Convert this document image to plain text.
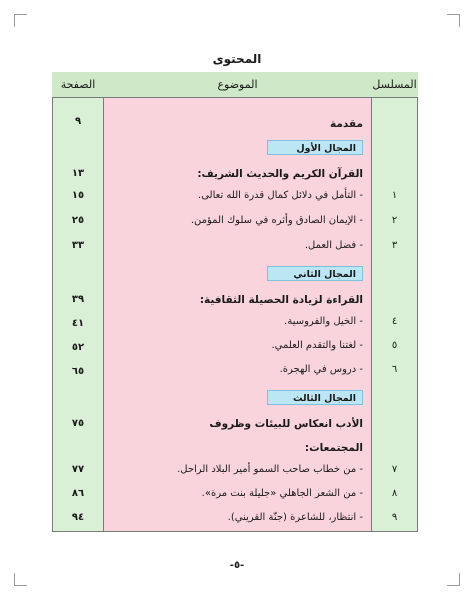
المحتوى
الصفحة	الموضوع	المسلسل
مقدمة
٩
المجال الأول
القرآن الكريم والحديث الشريف:
١٣
١
- التأمل في دلائل كمال قدرة الله تعالى.
١٥
٢
- الإيمان الصادق وأثره في سلوك المؤمن.
٢٥
٣
- فضل العمل.
٣٣
المجال الثاني
القراءة لزيادة الحصيلة الثقافية:
٣٩
٤
- الخيل والفروسية.
٤١
٥
- لغتنا والتقدم العلمي.
٥٢
٦
- دروس في الهجرة.
٦٥
المجال الثالث
الأدب انعكاس للبيئات وظروف
٧٥
المجتمعات:
٧
- من خطاب صاحب السمو أمير البلاد الراحل.
٧٧
٨
- من الشعر الجاهلي «جليلة بنت مرة».
٨٦
٩
- انتظار، للشاعرة (جنّة القريني).
٩٤
-٥-
